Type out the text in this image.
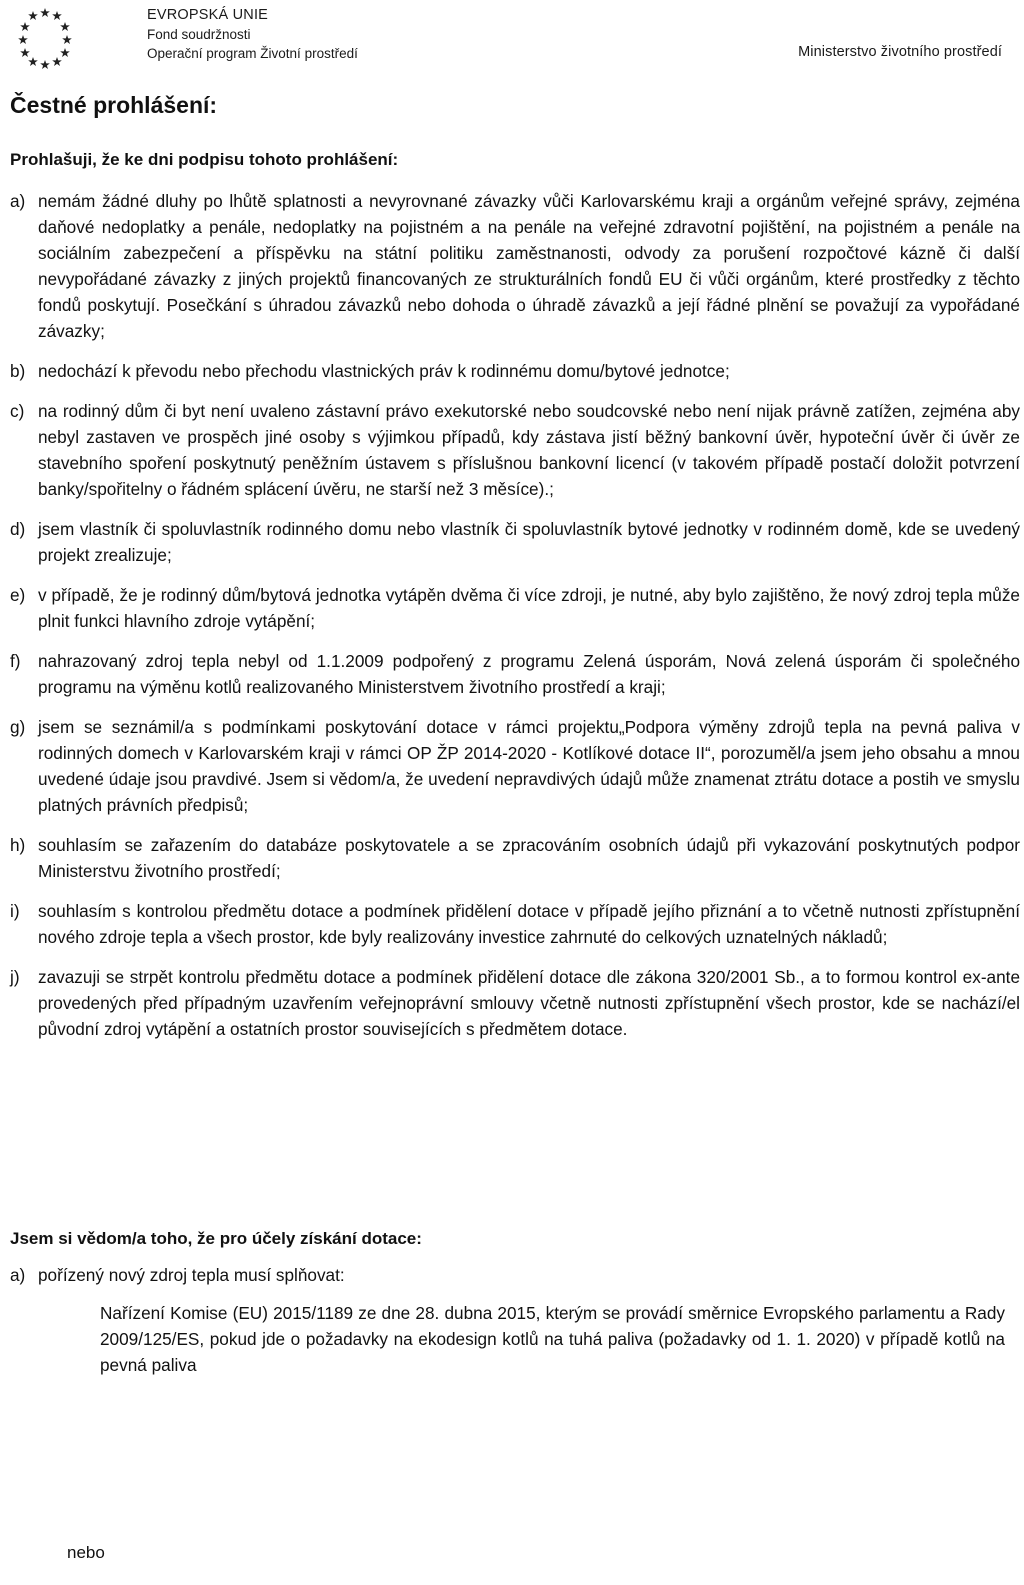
EVROPSKÁ UNIE
Fond soudržnosti
Operační program Životní prostředí	Ministerstvo životního prostředí
Čestné prohlášení:
Prohlašuji, že ke dni podpisu tohoto prohlášení:
a) nemám žádné dluhy po lhůtě splatnosti a nevyrovnané závazky vůči Karlovarskému kraji a orgánům veřejné správy, zejména daňové nedoplatky a penále, nedoplatky na pojistném a na penále na veřejné zdravotní pojištění, na pojistném a penále na sociálním zabezpečení a příspěvku na státní politiku zaměstnanosti, odvody za porušení rozpočtové kázně či další nevypořádané závazky z jiných projektů financovaných ze strukturálních fondů EU či vůči orgánům, které prostředky z těchto fondů poskytují. Posečkání s úhradou závazků nebo dohoda o úhradě závazků a její řádné plnění se považují za vypořádané závazky;
b) nedochází k převodu nebo přechodu vlastnických práv k rodinnému domu/bytové jednotce;
c) na rodinný dům či byt není uvaleno zástavní právo exekutorské nebo soudcovské nebo není nijak právně zatížen, zejména aby nebyl zastaven ve prospěch jiné osoby s výjimkou případů, kdy zástava jistí běžný bankovní úvěr, hypoteční úvěr či úvěr ze stavebního spoření poskytnutý peněžním ústavem s příslušnou bankovní licencí (v takovém případě postačí doložit potvrzení banky/spořitelny o řádném splácení úvěru, ne starší než 3 měsíce).;
d) jsem vlastník či spoluvlastník rodinného domu nebo vlastník či spoluvlastník bytové jednotky v rodinném domě, kde se uvedený projekt zrealizuje;
e) v případě, že je rodinný dům/bytová jednotka vytápěn dvěma či více zdroji, je nutné, aby bylo zajištěno, že nový zdroj tepla může plnit funkci hlavního zdroje vytápění;
f) nahrazovaný zdroj tepla nebyl od 1.1.2009 podpořený z programu Zelená úsporám, Nová zelená úsporám či společného programu na výměnu kotlů realizovaného Ministerstvem životního prostředí a kraji;
g) jsem se seznámil/a s podmínkami poskytování dotace v rámci projektu„Podpora výměny zdrojů tepla na pevná paliva v rodinných domech v Karlovarském kraji v rámci OP ŽP 2014-2020 - Kotlíkové dotace II“, porozuměl/a jsem jeho obsahu a mnou uvedené údaje jsou pravdivé. Jsem si vědom/a, že uvedení nepravdivých údajů může znamenat ztrátu dotace a postih ve smyslu platných právních předpisů;
h) souhlasím se zařazením do databáze poskytovatele a se zpracováním osobních údajů při vykazování poskytnutých podpor Ministerstvu životního prostředí;
i) souhlasím s kontrolou předmětu dotace a podmínek přidělení dotace v případě jejího přiznání a to včetně nutnosti zpřístupnění nového zdroje tepla a všech prostor, kde byly realizovány investice zahrnuté do celkových uznatelných nákladů;
j) zavazuji se strpět kontrolu předmětu dotace a podmínek přidělení dotace dle zákona 320/2001 Sb., a to formou kontrol ex-ante provedených před případným uzavřením veřejnoprávní smlouvy včetně nutnosti zpřístupnění všech prostor, kde se nachází/el původní zdroj vytápění a ostatních prostor souvisejících s předmětem dotace.
Jsem si vědom/a toho, že pro účely získání dotace:
a) pořízený nový zdroj tepla musí splňovat:
Nařízení Komise (EU) 2015/1189 ze dne 28. dubna 2015, kterým se provádí směrnice Evropského parlamentu a Rady 2009/125/ES, pokud jde o požadavky na ekodesign kotlů na tuhá paliva (požadavky od 1. 1. 2020) v případě kotlů na pevná paliva
nebo
